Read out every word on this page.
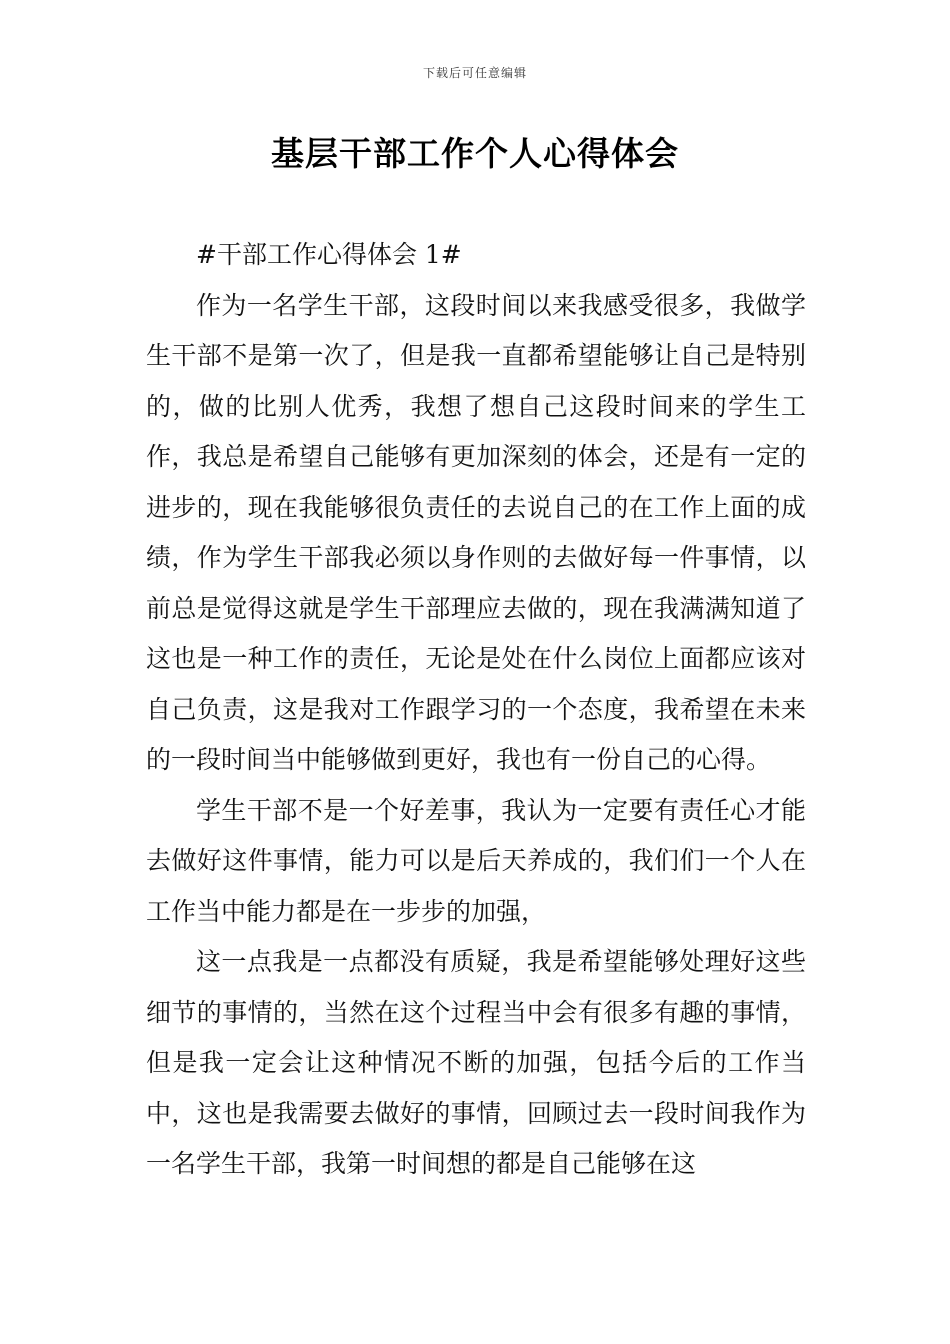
下载后可任意编辑
基层干部工作个人心得体会

#干部工作心得体会 1#

作为一名学生干部，这段时间以来我感受很多，我做学生干部不是第一次了，但是我一直都希望能够让自己是特别的，做的比别人优秀，我想了想自己这段时间来的学生工作，我总是希望自己能够有更加深刻的体会，还是有一定的进步的，现在我能够很负责任的去说自己的在工作上面的成绩，作为学生干部我必须以身作则的去做好每一件事情，以前总是觉得这就是学生干部理应去做的，现在我满满知道了这也是一种工作的责任，无论是处在什么岗位上面都应该对自己负责，这是我对工作跟学习的一个态度，我希望在未来的一段时间当中能够做到更好，我也有一份自己的心得。

学生干部不是一个好差事，我认为一定要有责任心才能去做好这件事情，能力可以是后天养成的，我们们一个人在工作当中能力都是在一步步的加强，

这一点我是一点都没有质疑，我是希望能够处理好这些细节的事情的，当然在这个过程当中会有很多有趣的事情，但是我一定会让这种情况不断的加强，包括今后的工作当中，这也是我需要去做好的事情，回顾过去一段时间我作为一名学生干部，我第一时间想的都是自己能够在这
